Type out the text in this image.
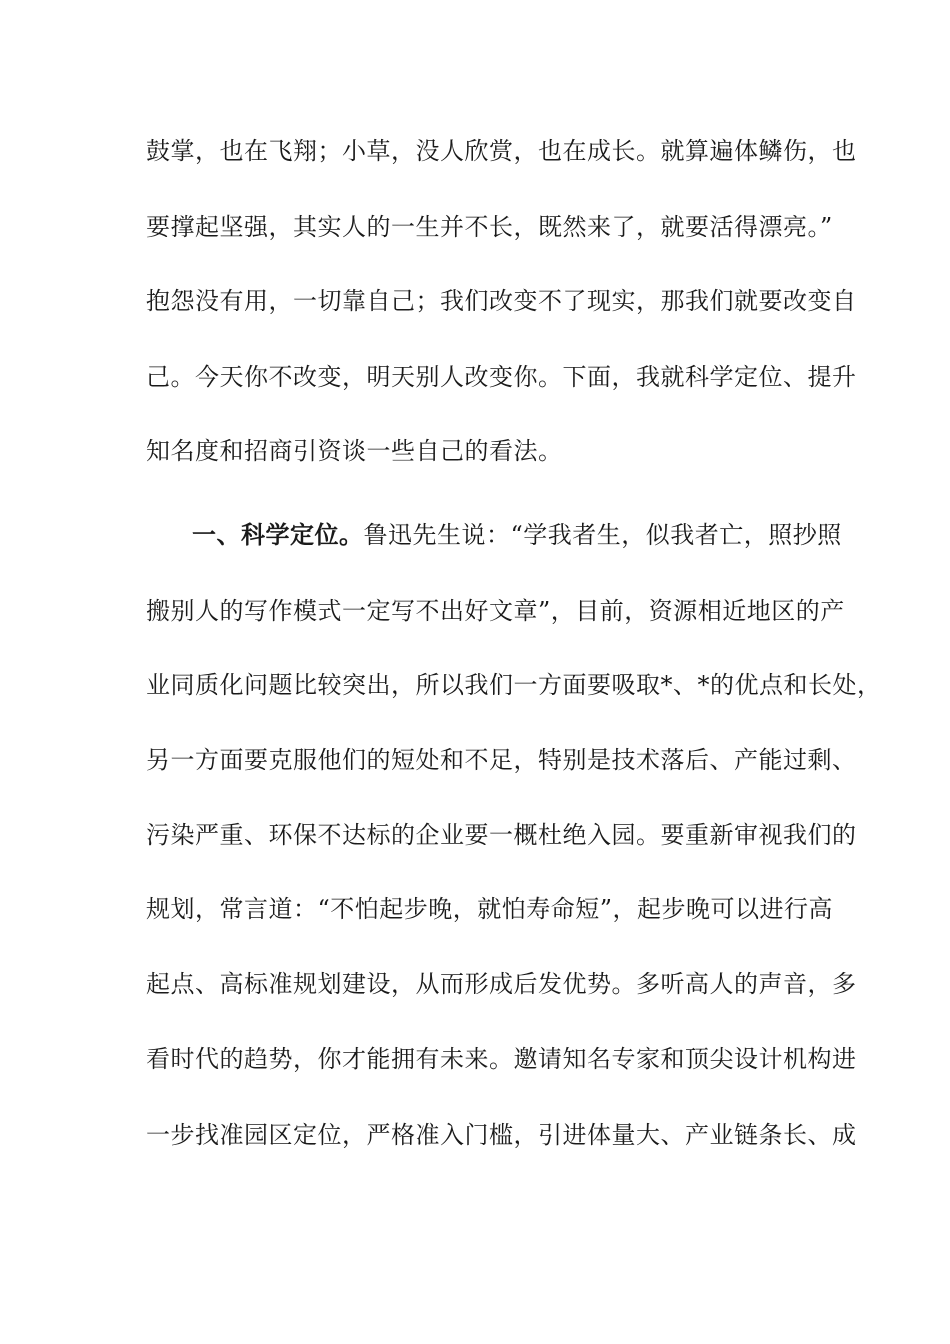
鼓掌，也在飞翔；小草，没人欣赏，也在成长。就算遍体鳞伤，也
要撑起坚强，其实人的一生并不长，既然来了，就要活得漂亮。”
抱怨没有用，一切靠自己；我们改变不了现实，那我们就要改变自
己。今天你不改变，明天别人改变你。下面，我就科学定位、提升
知名度和招商引资谈一些自己的看法。
一、科学定位。鲁迅先生说：“学我者生，似我者亡，照抄照
搬别人的写作模式一定写不出好文章”，目前，资源相近地区的产
业同质化问题比较突出，所以我们一方面要吸取*、*的优点和长处，
另一方面要克服他们的短处和不足，特别是技术落后、产能过剩、
污染严重、环保不达标的企业要一概杜绝入园。要重新审视我们的
规划，常言道：“不怕起步晚，就怕寿命短”，起步晚可以进行高
起点、高标准规划建设，从而形成后发优势。多听高人的声音，多
看时代的趋势，你才能拥有未来。邀请知名专家和顶尖设计机构进
一步找准园区定位，严格准入门槛，引进体量大、产业链条长、成
